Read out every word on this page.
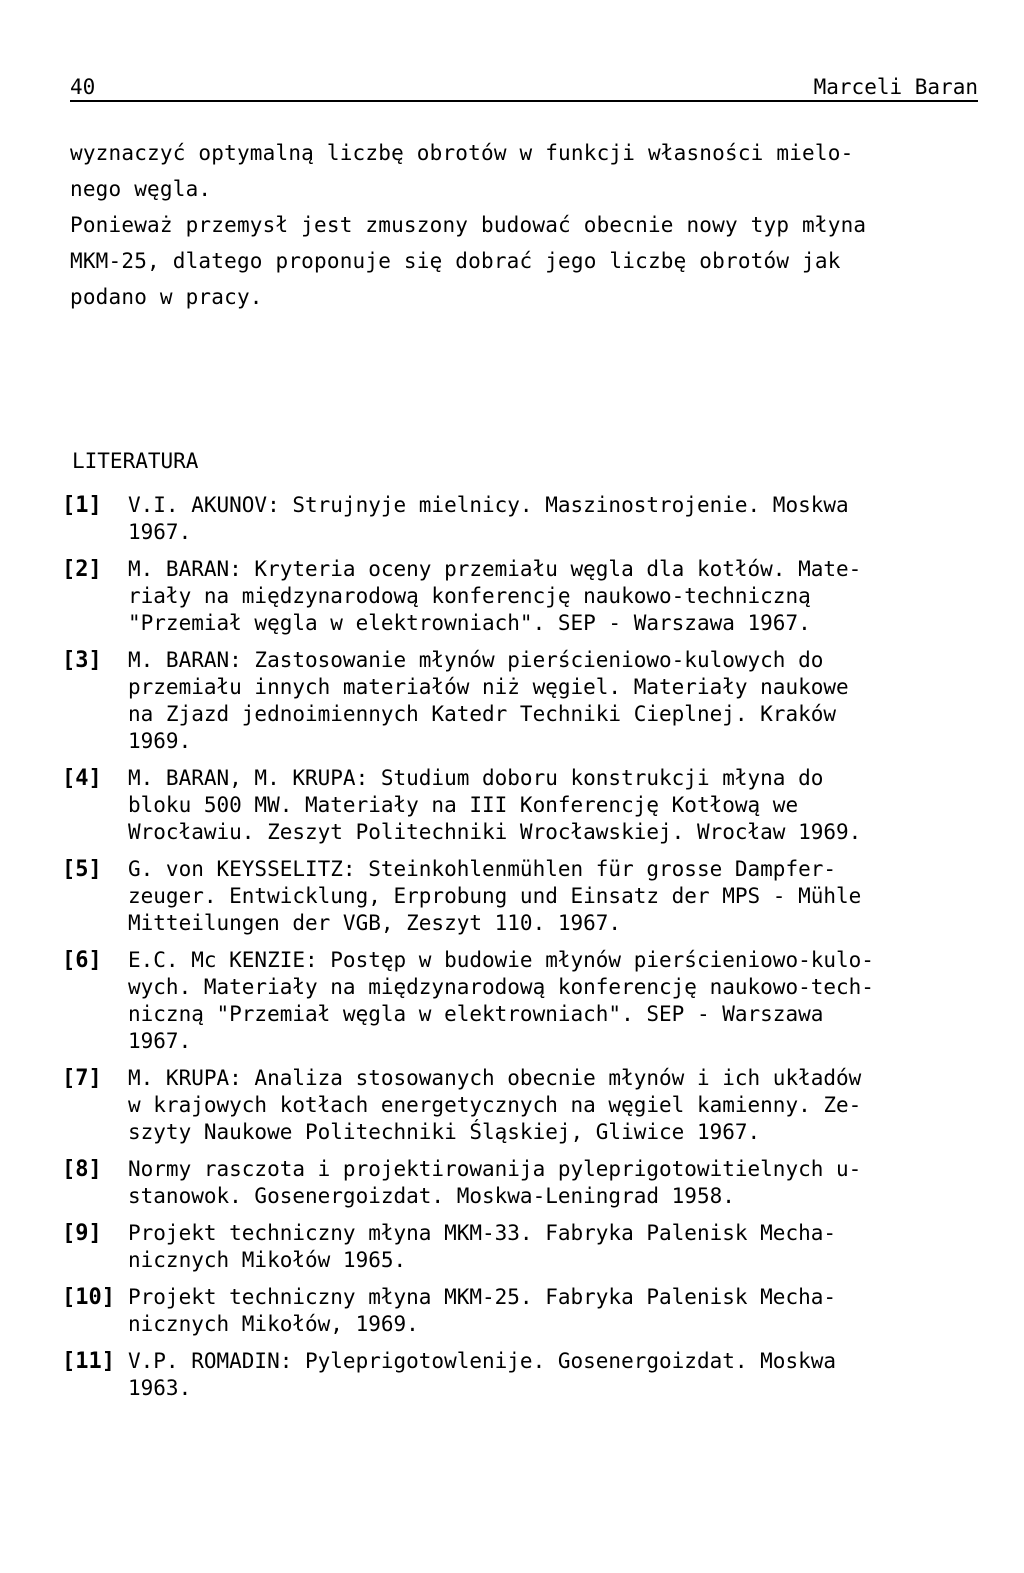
40	Marceli Baran

wyznaczyć optymalną liczbę obrotów w funkcji własności mielo-
nego węgla.

Ponieważ przemysł jest zmuszony budować obecnie nowy typ młyna
MKM-25, dlatego proponuje się dobrać jego liczbę obrotów jak
podano w pracy.

LITERATURA
[1] V.I. AKUNOV: Strujnyje mielnicy. Maszinostrojenie. Moskwa
1967.
[2] M. BARAN: Kryteria oceny przemiału węgla dla kotłów. Mate-
riały na międzynarodową konferencję naukowo-techniczną
"Przemiał węgla w elektrowniach". SEP - Warszawa 1967.
[3] M. BARAN: Zastosowanie młynów pierścieniowo-kulowych do
przemiału innych materiałów niż węgiel. Materiały naukowe
na Zjazd jednoimiennych Katedr Techniki Cieplnej. Kraków
1969.
[4] M. BARAN, M. KRUPA: Studium doboru konstrukcji młyna do
bloku 500 MW. Materiały na III Konferencję Kotłową we
Wrocławiu. Zeszyt Politechniki Wrocławskiej. Wrocław 1969.
[5] G. von KEYSSELITZ: Steinkohlenmühlen für grosse Dampfer-
zeuger. Entwicklung, Erprobung und Einsatz der MPS - Mühle
Mitteilungen der VGB, Zeszyt 110. 1967.
[6] E.C. Mc KENZIE: Postęp w budowie młynów pierścieniowo-kulo-
wych. Materiały na międzynarodową konferencję naukowo-tech-
niczną "Przemiał węgla w elektrowniach". SEP - Warszawa
1967.
[7] M. KRUPA: Analiza stosowanych obecnie młynów i ich układów
w krajowych kotłach energetycznych na węgiel kamienny. Ze-
szyty Naukowe Politechniki Śląskiej, Gliwice 1967.
[8] Normy rasczota i projektirowanija pyleprigotowitielnych u-
stanowok. Gosenergoizdat. Moskwa-Leningrad 1958.
[9] Projekt techniczny młyna MKM-33. Fabryka Palenisk Mecha-
nicznych Mikołów 1965.
[10] Projekt techniczny młyna MKM-25. Fabryka Palenisk Mecha-
nicznych Mikołów, 1969.
[11] V.P. ROMADIN: Pyleprigotowlenije. Gosenergoizdat. Moskwa
1963.
